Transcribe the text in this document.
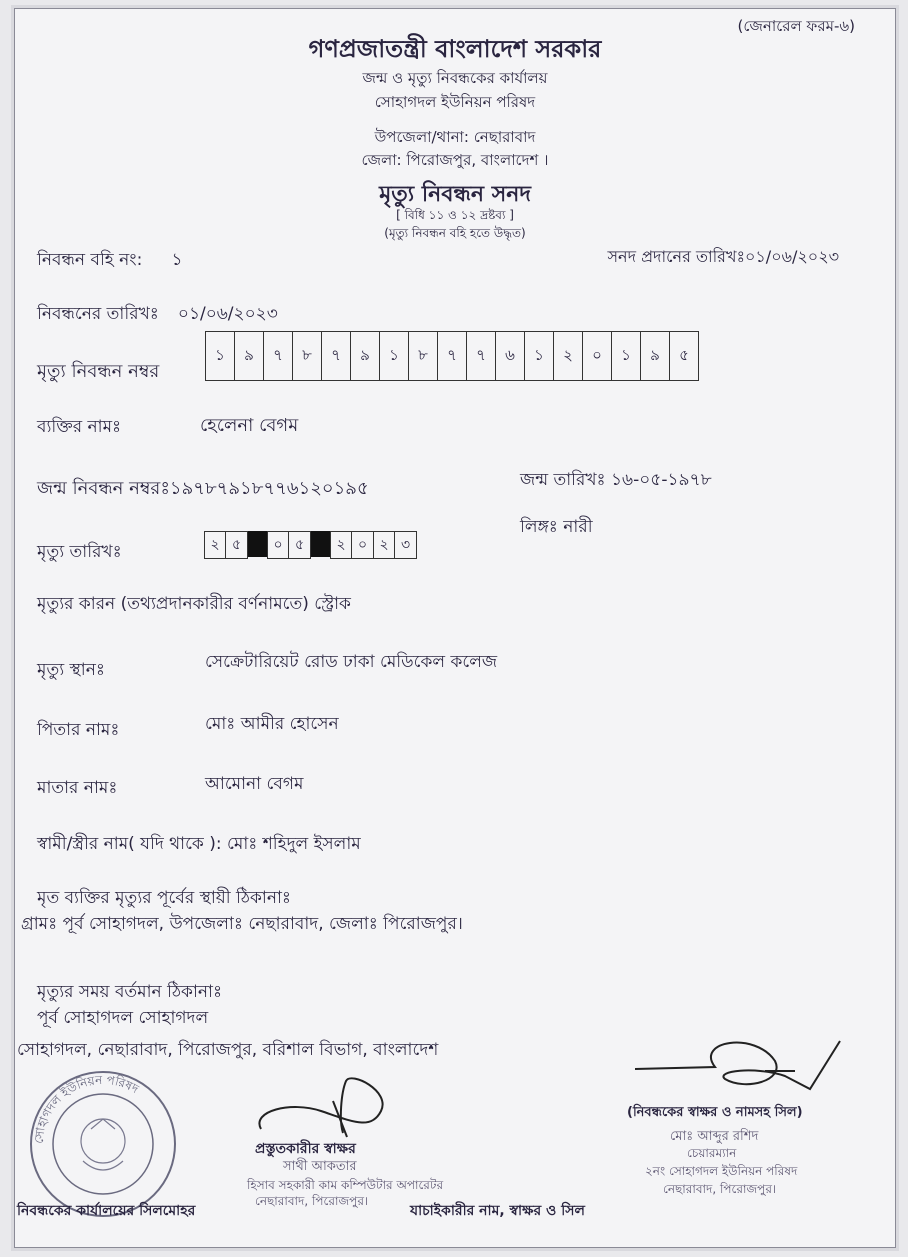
(জেনারেল ফরম-৬)
গণপ্রজাতন্ত্রী বাংলাদেশ সরকার
জন্ম ও মৃত্যু নিবন্ধকের কার্যালয়
সোহাগদল ইউনিয়ন পরিষদ
উপজেলা/থানা: নেছারাবাদ
জেলা: পিরোজপুর, বাংলাদেশ ।
মৃত্যু নিবন্ধন সনদ
[ বিধি ১১ ও ১২ দ্রষ্টব্য ]
(মৃত্যু নিবন্ধন বহি হতে উদ্ধৃত)
নিবন্ধন বহি নং: ১	সনদ প্রদানের তারিখঃ০১/০৬/২০২৩
নিবন্ধনের তারিখঃ ০১/০৬/২০২৩
মৃত্যু নিবন্ধন নম্বর
১	৯	৭	৮	৭	৯	১	৮	৭	৭	৬	১	২	০	১	৯	৫
ব্যক্তির নামঃ	হেলেনা বেগম
জন্ম নিবন্ধন নম্বরঃ১৯৭৮৭৯১৮৭৭৬১২০১৯৫	জন্ম তারিখঃ ১৬-০৫-১৯৭৮
লিঙ্গঃ নারী
মৃত্যু তারিখঃ	২ ৫	০ ৫	২ ০ ২ ৩
মৃত্যুর কারন (তথ্যপ্রদানকারীর বর্ণনামতে) স্ট্রোক
মৃত্যু স্থানঃ	সেক্রেটারিয়েট রোড ঢাকা মেডিকেল কলেজ
পিতার নামঃ	মোঃ আমীর হোসেন
মাতার নামঃ	আমোনা বেগম
স্বামী/স্ত্রীর নাম( যদি থাকে ): মোঃ শহিদুল ইসলাম
মৃত ব্যক্তির মৃত্যুর পূর্বের স্থায়ী ঠিকানাঃ
গ্রামঃ পূর্ব সোহাগদল, উপজেলাঃ নেছারাবাদ, জেলাঃ পিরোজপুর।
মৃত্যুর সময় বর্তমান ঠিকানাঃ
পূর্ব সোহাগদল সোহাগদল
সোহাগদল, নেছারাবাদ, পিরোজপুর, বরিশাল বিভাগ, বাংলাদেশ
সোহাগদল ইউনিয়ন পরিষদ
প্রস্তুতকারীর স্বাক্ষর
সাথী আকতার
হিসাব সহকারী কাম কম্পিউটার অপারেটর
নেছারাবাদ, পিরোজপুর।
নিবন্ধকের কার্যালয়ের সিলমোহর	যাচাইকারীর নাম, স্বাক্ষর ও সিল
(নিবন্ধকের স্বাক্ষর ও নামসহ সিল)
মোঃ আব্দুর রশিদ
চেয়ারম্যান
২নং সোহাগদল ইউনিয়ন পরিষদ
নেছারাবাদ, পিরোজপুর।
